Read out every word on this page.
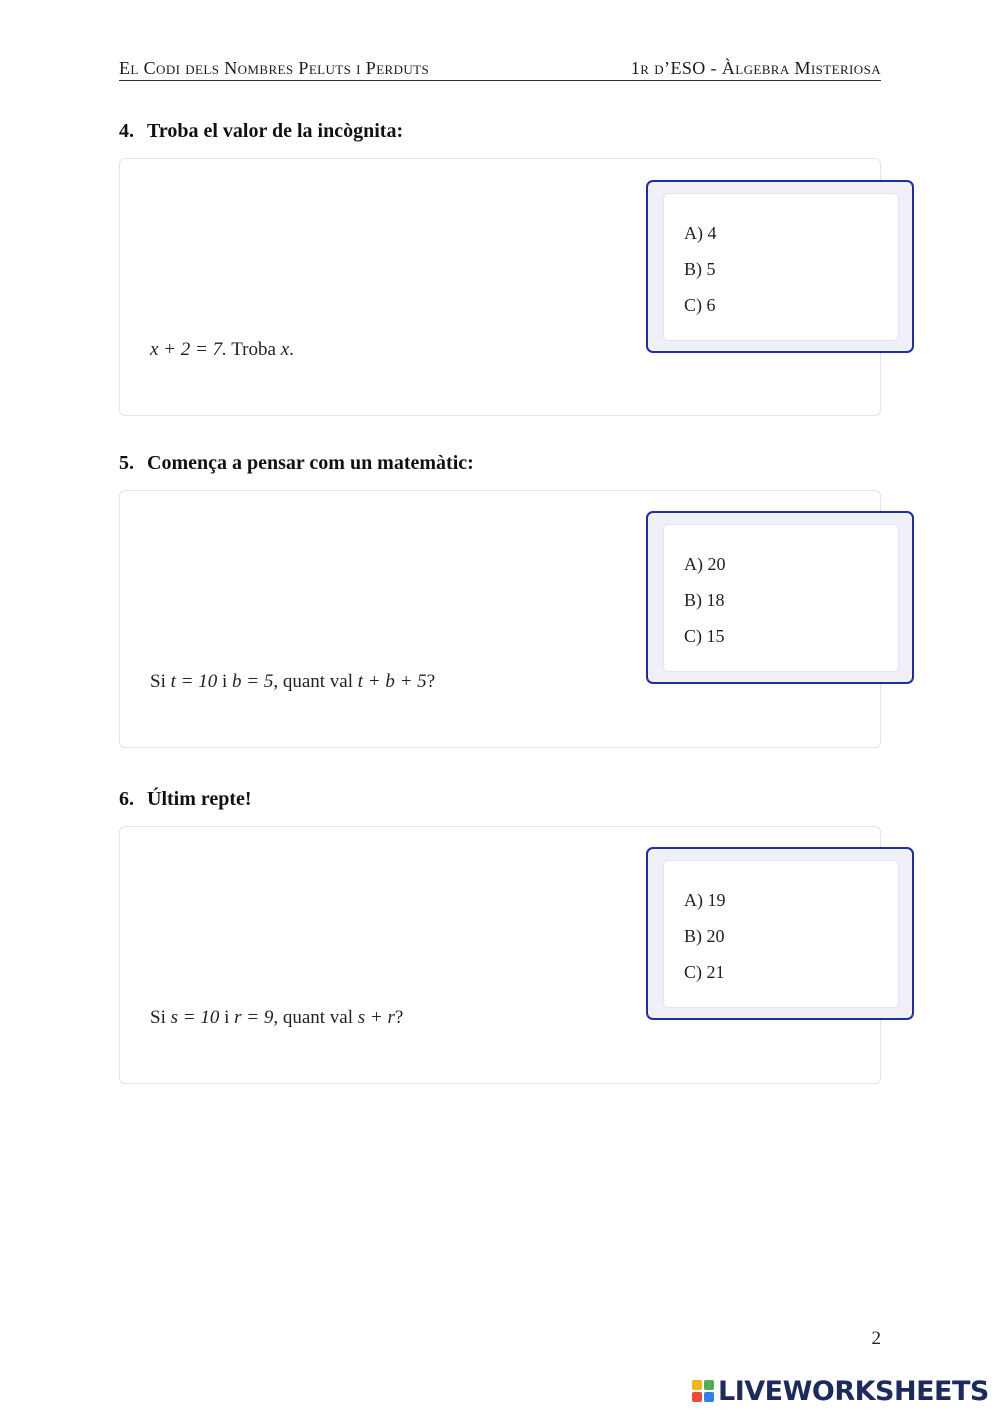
El Codi dels Nombres Peluts i Perduts	1r d’ESO - Àlgebra Misteriosa
4. Troba el valor de la incògnita:
x + 2 = 7. Troba x.
A) 4
B) 5
C) 6
5. Comença a pensar com un matemàtic:
Si t = 10 i b = 5, quant val t + b + 5?
A) 20
B) 18
C) 15
6. Últim repte!
Si s = 10 i r = 9, quant val s + r?
A) 19
B) 20
C) 21
2
LIVEWORKSHEETS
